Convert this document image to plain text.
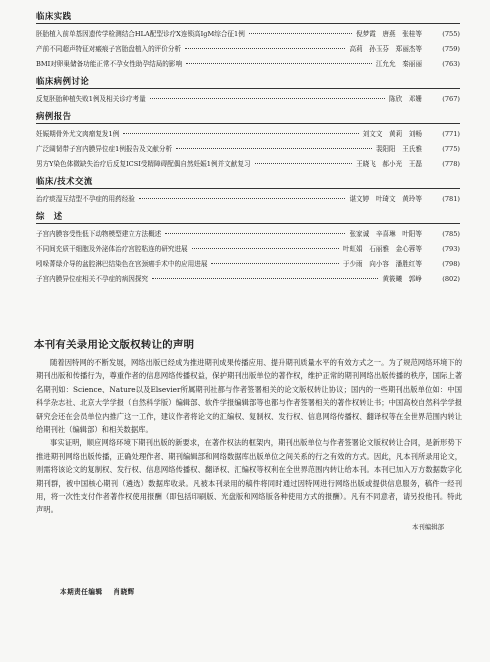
临床实践
胚胎植入前单基因遗传学检测结合HLA配型诊疗X连锁高IgM综合征1例	倪梦霞　唐燕　张桂等	(755)
产前不同超声特征对瘢痕子宫胎盘植入的评价分析	高莉　孙玉芬　郑丽杰等	(759)
BMI对卵巢储备功能正常不孕女性助孕结局的影响	江允允　秦丽丽	(763)
临床病例讨论
反复胚胎种植失败1例及相关诊疗考量	陈欣　邓姗	(767)
病例报告
妊娠期骨外尤文肉瘤复发1例	刘文文　黄莉　刘畅	(771)
广泛阔韧带子宫内膜异位症1例报告及文献分析	裴阳阳　王氏雅	(775)
男方Y染色体微缺失治疗后反复ICSI受精障碍配偶自然妊娠1例并文献复习	王晓飞　郝小光　王磊	(778)
临床/技术交流
治疗痰湿互结型不孕症的用药经验	谌文婷　叶琦文　黄玲等	(781)
综　述
子宫内膜容受性低下动物模型建立方法概述	张家诚　辛喜琳　叶阳等	(785)
不同间充质干细胞及外泌体治疗宫腔粘连的研究进展	叶虹娟　石丽雅　金心蓉等	(793)
吲哚菁绿介导的盆腔淋巴结染色在宫颈癌手术中的应用进展	于少雨　向小容　潘胜红等	(798)
子宫内膜异位症相关不孕症的病因探究	黄筱曦　郭峥	(802)
本刊有关录用论文版权转让的声明

随着因特网的不断发展，网络出版已经成为推进期刊成果传播应用、提升期刊质量水平的有效方式之一。为了规范网络环境下的期刊出版和传播行为，尊重作者的信息网络传播权益，保护期刊出版单位的著作权，维护正常的期刊网络出版传播的秩序，国际上著名期刊如：Science、Nature以及Elsevier所属期刊社都与作者签署相关的论文版权转让协议；国内的一些期刊出版单位如：中国科学杂志社、北京大学学报（自然科学版）编辑部、软件学报编辑部等也都与作者签署相关的著作权转让书；中国高校自然科学学报研究会还在会员单位内推广这一工作，建议作者将论文的汇编权、复制权、发行权、信息网络传播权、翻译权等在全世界范围内转让给期刊社（编辑部）和相关数据库。

事实证明，顺应网络环境下期刊出版的新要求，在著作权法的框架内，期刊出版单位与作者签署论文版权转让合同，是新形势下推进期刊网络出版传播，正确处理作者、期刊编辑部和网络数据库出版单位之间关系的行之有效的方式。因此，凡本刊所录用论文，则需将该论文的复制权、发行权、信息网络传播权、翻译权、汇编权等权利在全世界范围内转让给本刊。本刊已加入万方数据数字化期刊群，被中国核心期刊（遴选）数据库收录。凡被本刊录用的稿件将同时通过因特网进行网络出版或提供信息服务，稿件一经刊用，将一次性支付作者著作权使用报酬（即包括印刷版、光盘版和网络版各种使用方式的报酬）。凡有不同意者，请另投他刊。特此声明。

本刊编辑部
本期责任编辑 肖晓辉
